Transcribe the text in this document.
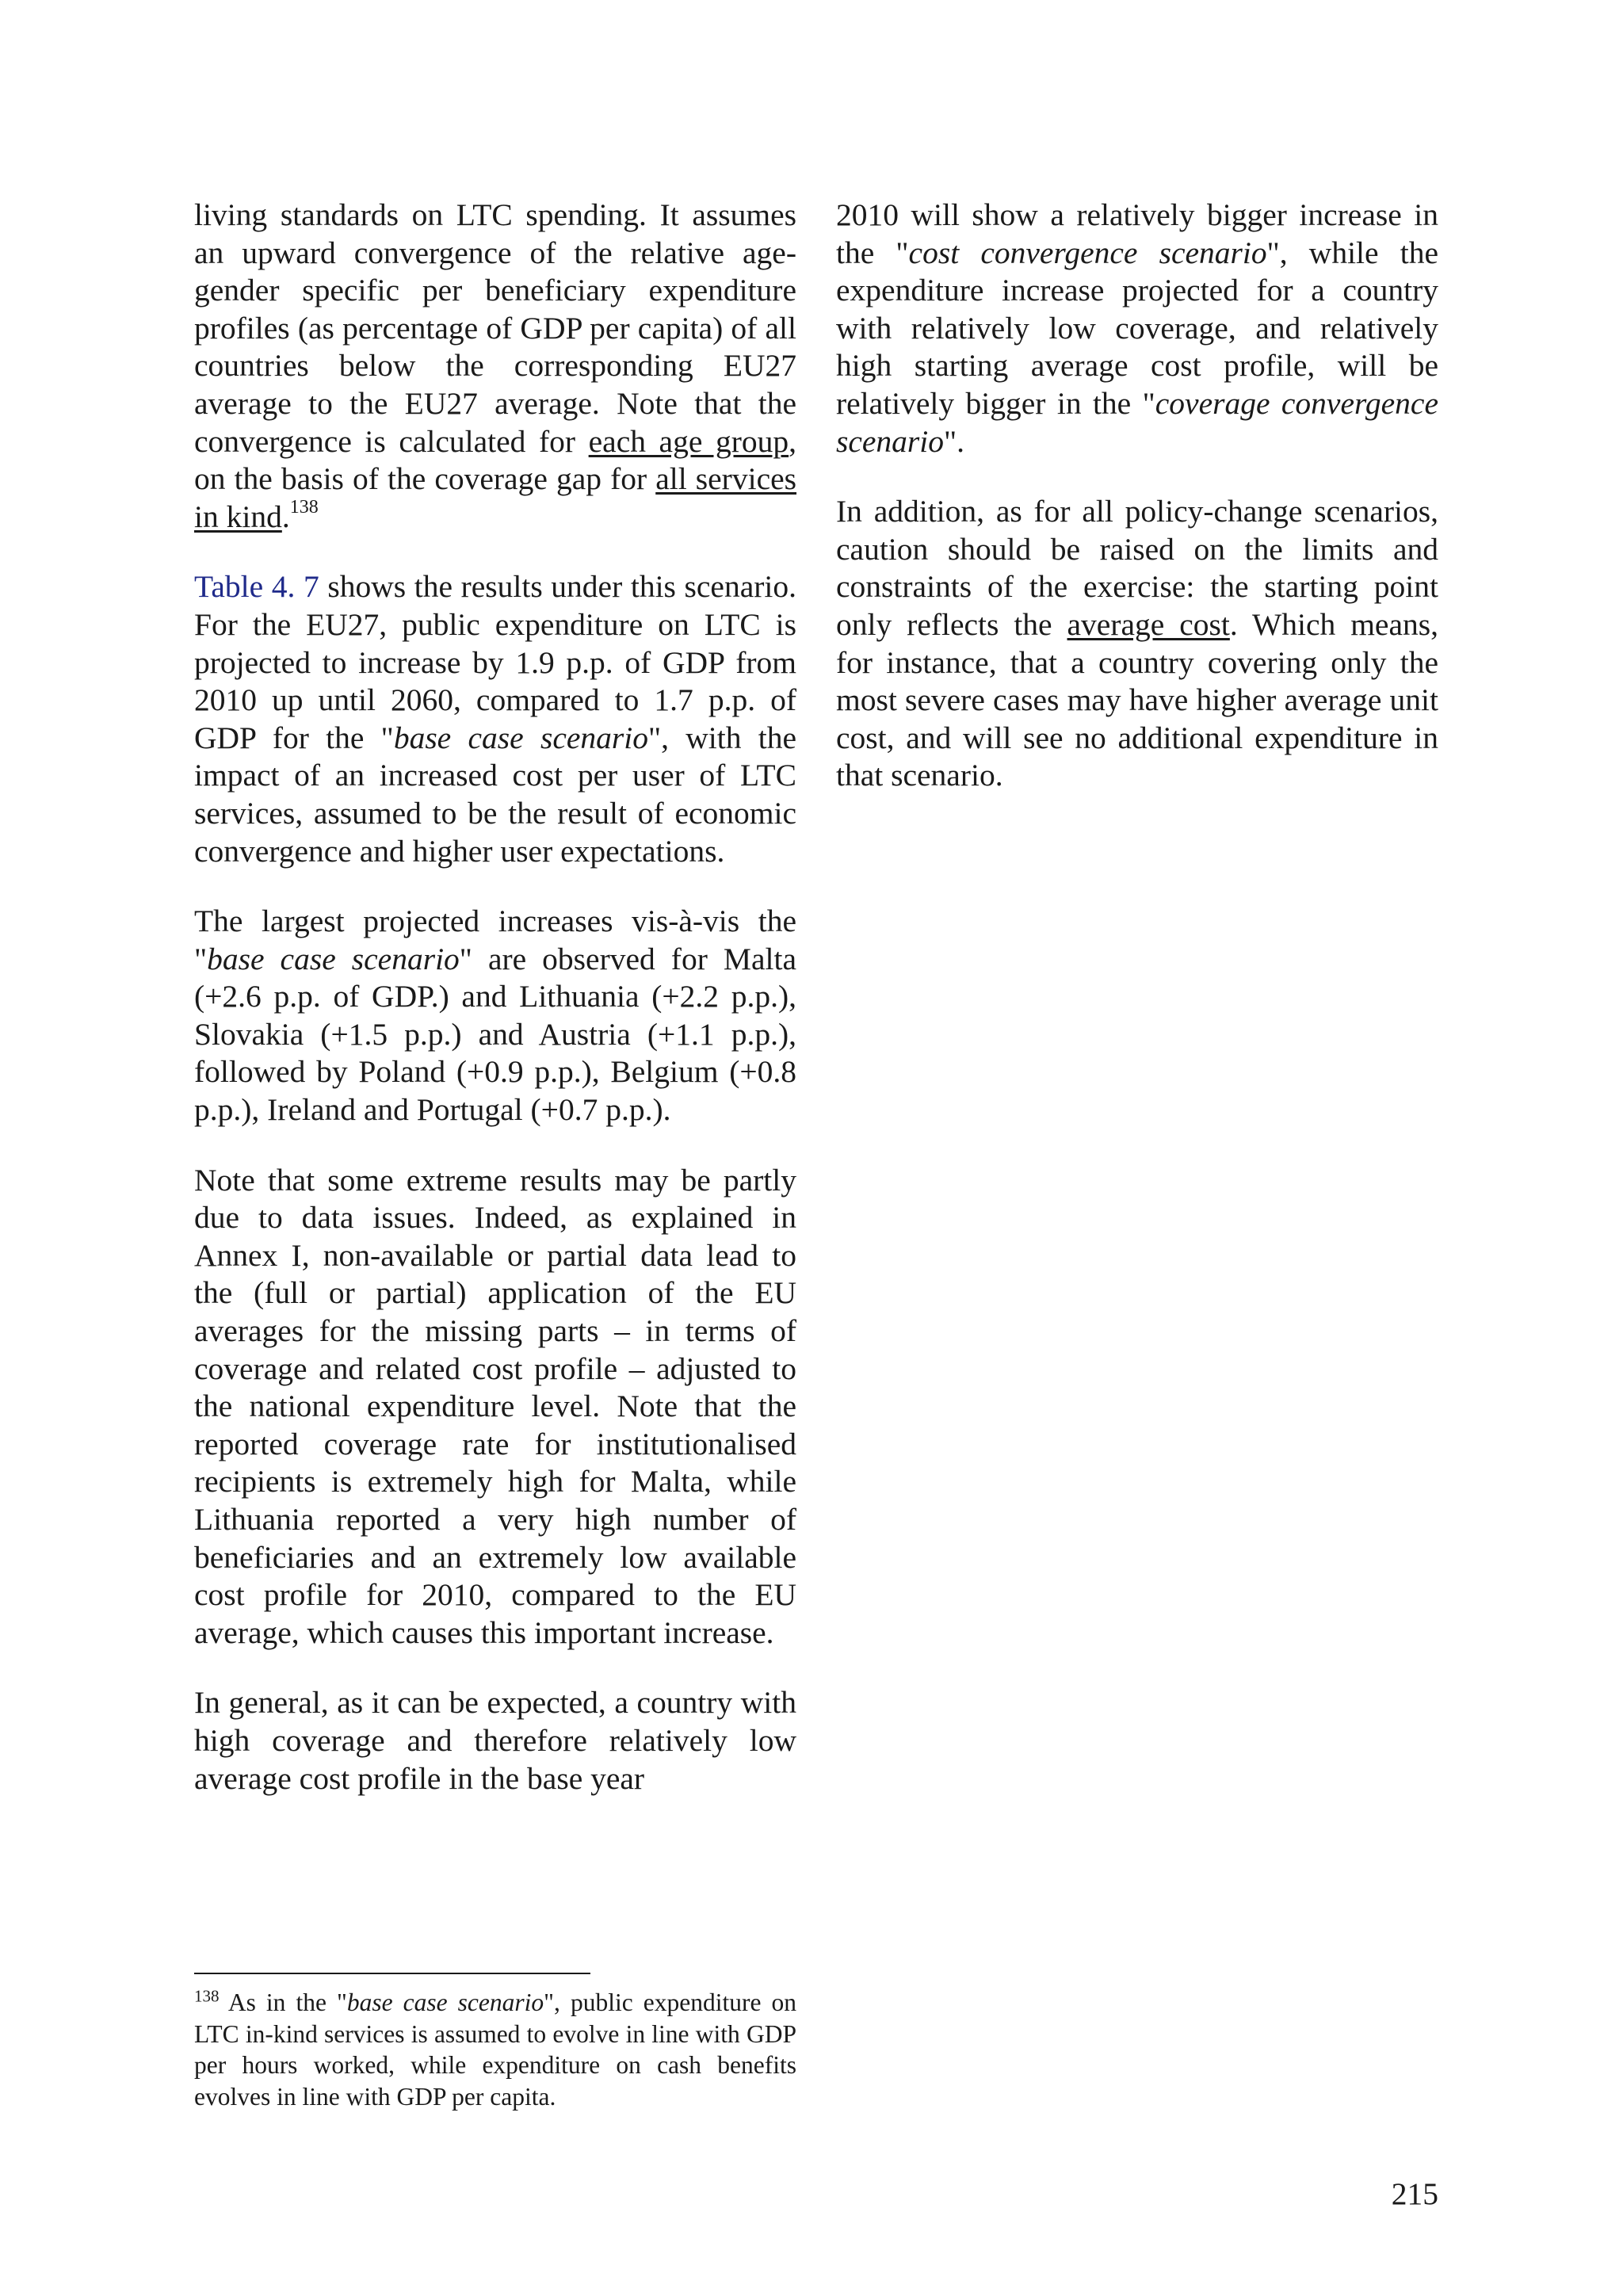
living standards on LTC spending. It assumes an upward convergence of the relative age-gender specific per beneficiary expenditure profiles (as percentage of GDP per capita) of all countries below the corresponding EU27 average to the EU27 average. Note that the convergence is calculated for each age group, on the basis of the coverage gap for all services in kind.$^{138}$

Table 4. 7 shows the results under this scenario. For the EU27, public expenditure on LTC is projected to increase by 1.9 p.p. of GDP from 2010 up until 2060, compared to 1.7 p.p. of GDP for the "base case scenario", with the impact of an increased cost per user of LTC services, assumed to be the result of economic convergence and higher user expectations.

The largest projected increases vis-à-vis the "base case scenario" are observed for Malta (+2.6 p.p. of GDP.) and Lithuania (+2.2 p.p.), Slovakia (+1.5 p.p.) and Austria (+1.1 p.p.), followed by Poland (+0.9 p.p.), Belgium (+0.8 p.p.), Ireland and Portugal (+0.7 p.p.).

Note that some extreme results may be partly due to data issues. Indeed, as explained in Annex I, non-available or partial data lead to the (full or partial) application of the EU averages for the missing parts – in terms of coverage and related cost profile – adjusted to the national expenditure level. Note that the reported coverage rate for institutionalised recipients is extremely high for Malta, while Lithuania reported a very high number of beneficiaries and an extremely low available cost profile for 2010, compared to the EU average, which causes this important increase.

In general, as it can be expected, a country with high coverage and therefore relatively low average cost profile in the base year

2010 will show a relatively bigger increase in the "cost convergence scenario", while the expenditure increase projected for a country with relatively low coverage, and relatively high starting average cost profile, will be relatively bigger in the "coverage convergence scenario".

In addition, as for all policy-change scenarios, caution should be raised on the limits and constraints of the exercise: the starting point only reflects the average cost. Which means, for instance, that a country covering only the most severe cases may have higher average unit cost, and will see no additional expenditure in that scenario.

$^{138}$ As in the "base case scenario", public expenditure on LTC in-kind services is assumed to evolve in line with GDP per hours worked, while expenditure on cash benefits evolves in line with GDP per capita.
215
